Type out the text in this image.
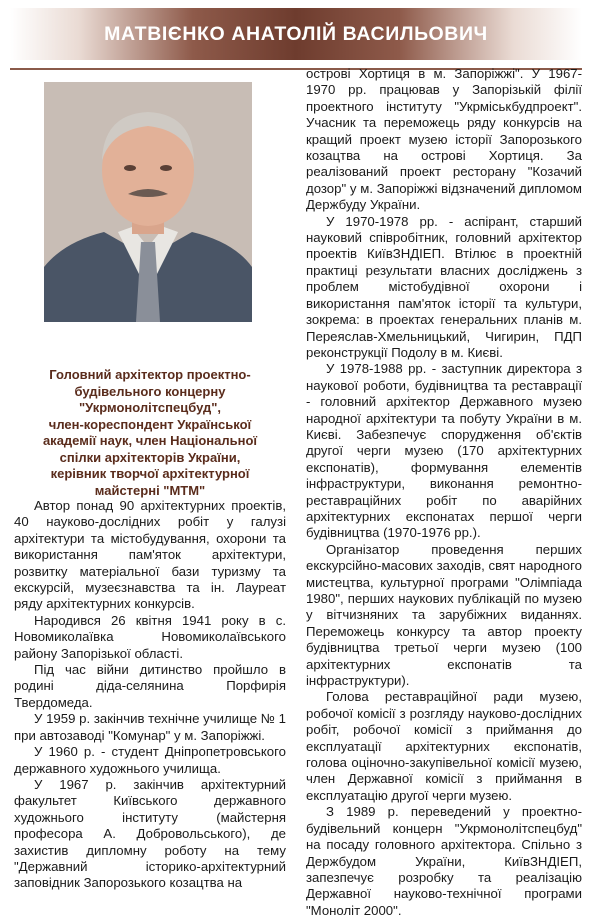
МАТВІЄНКО АНАТОЛІЙ ВАСИЛЬОВИЧ
Головний архітектор проектно-
будівельного концерну
"Укрмонолітспецбуд",
член-кореспондент Української
академії наук, член Національної
спілки архітекторів України,
керівник творчої архітектурної
майстерні "МТМ"

Автор понад 90 архітектурних проектів, 40 науково-дослідних робіт у галузі архітектури та містобудування, охорони та використання пам'яток архітектури, розвитку матеріальної бази туризму та екскурсій, музеєзнавства та ін. Лауреат ряду архітектурних конкурсів.

Народився 26 квітня 1941 року в с. Новомиколаївка Новомиколаївського району Запорізької області.

Під час війни дитинство пройшло в родині діда-селянина Порфирія Твердомеда.

У 1959 р. закінчив технічне училище № 1 при автозаводі "Комунар" у м. Запоріжжі.

У 1960 р. - студент Дніпропетровського державного художнього училища.

У 1967 р. закінчив архітектурний факультет Київського державного художнього інституту (майстерня професора А. Добровольського), де захистив дипломну роботу на тему "Державний історико-архітектурний заповідник Запорозького козацтва на

острові Хортиця в м. Запоріжжі". У 1967-1970 рр. працював у Запорізькій філії проектного інституту "Укрміськбудпроект". Учасник та переможець ряду конкурсів на кращий проект музею історії Запорозького козацтва на острові Хортиця. За реалізований проект ресторану "Козачий дозор" у м. Запоріжжі відзначений дипломом Держбуду України.

У 1970-1978 рр. - аспірант, старший науковий співробітник, головний архітектор проектів КиївЗНДІЕП. Втілює в проектній практиці результати власних досліджень з проблем містобудівної охорони і використання пам'яток історії та культури, зокрема: в проектах генеральних планів м. Переяслав-Хмельницький, Чигирин, ПДП реконструкції Подолу в м. Києві.

У 1978-1988 рр. - заступник директора з наукової роботи, будівництва та реставрації - головний архітектор Державного музею народної архітектури та побуту України в м. Києві. Забезпечує спорудження об'єктів другої черги музею (170 архітектурних експонатів), формування елементів інфраструктури, виконання ремонтно-реставраційних робіт по аварійних архітектурних експонатах першої черги будівництва (1970-1976 рр.).

Організатор проведення перших екскурсійно-масових заходів, свят народного мистецтва, культурної програми "Олімпіада 1980", перших наукових публікацій по музею у вітчизняних та зарубіжних виданнях. Переможець конкурсу та автор проекту будівництва третьої черги музею (100 архітектурних експонатів та інфраструктури).

Голова реставраційної ради музею, робочої комісії з розгляду науково-дослідних робіт, робочої комісії з приймання до експлуатації архітектурних експонатів, голова оціночно-закупівельної комісії музею, член Державної комісії з приймання в експлуатацію другої черги музею.

З 1989 р. переведений у проектно-будівельний концерн "Укрмонолітспецбуд" на посаду головного архітектора. Спільно з Держбудом України, КиївЗНДІЕП, запезпечує розробку та реалізацію Державної науково-технічної програми "Моноліт 2000".
